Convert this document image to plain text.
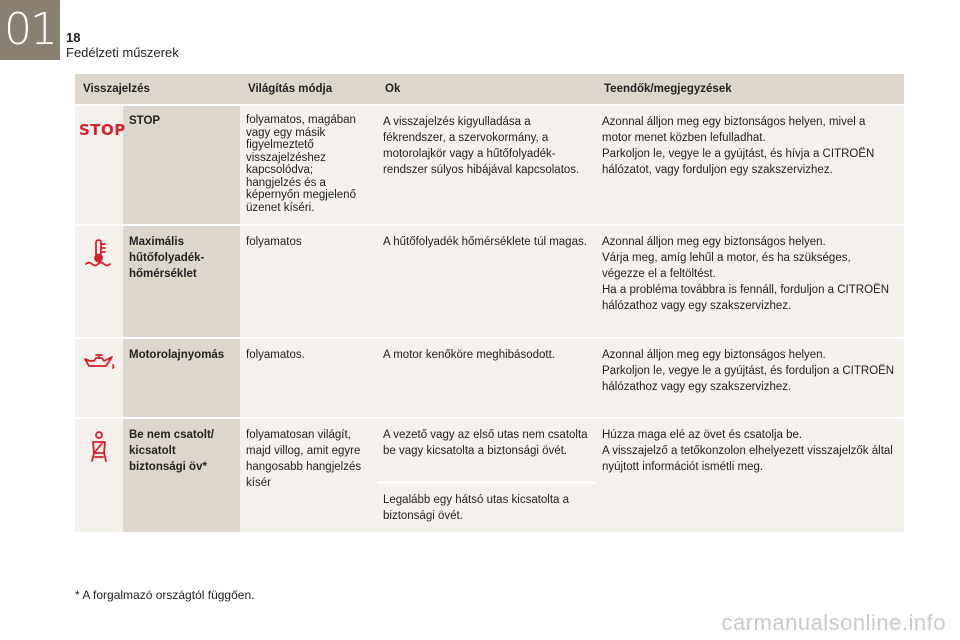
01 18
Fedélzeti műszerek
Visszajelzés		Világítás módja	Ok	Teendők/megjegyzések
STOP	STOP	folyamatos, magában vagy egy másik figyelmeztető visszajelzéshez kapcsolódva; hangjelzés és a képernyőn megjelenő üzenet kíséri.	A visszajelzés kigyulladása a fékrendszer, a szervokormány, a motorolajkör vagy a hűtőfolyadék-rendszer súlyos hibájával kapcsolatos.	Azonnal álljon meg egy biztonságos helyen, mivel a motor menet közben lefulladhat.
Parkoljon le, vegye le a gyújtást, és hívja a CITROËN hálózatot, vagy forduljon egy szakszervizhez.
	Maximális hűtőfolyadék-hőmérséklet	folyamatos	A hűtőfolyadék hőmérséklete túl magas.	Azonnal álljon meg egy biztonságos helyen.
Várja meg, amíg lehűl a motor, és ha szükséges, végezze el a feltöltést.
Ha a probléma továbbra is fennáll, forduljon a CITROËN hálózathoz vagy egy szakszervizhez.
	Motorolajnyomás	folyamatos.	A motor kenőköre meghibásodott.	Azonnal álljon meg egy biztonságos helyen.
Parkoljon le, vegye le a gyújtást, és forduljon a CITROËN hálózathoz vagy egy szakszervizhez.
	Be nem csatolt/ kicsatolt biztonsági öv*	folyamatosan világít, majd villog, amit egyre hangosabb hangjelzés kísér	A vezető vagy az első utas nem csatolta be vagy kicsatolta a biztonsági övét.	Húzza maga elé az övet és csatolja be.
A visszajelző a tetőkonzolon elhelyezett visszajelzők által nyújtott információt ismétli meg.
			Legalább egy hátsó utas kicsatolta a biztonsági övét.	
* A forgalmazó országtól függően.
carmanualsonline.info
